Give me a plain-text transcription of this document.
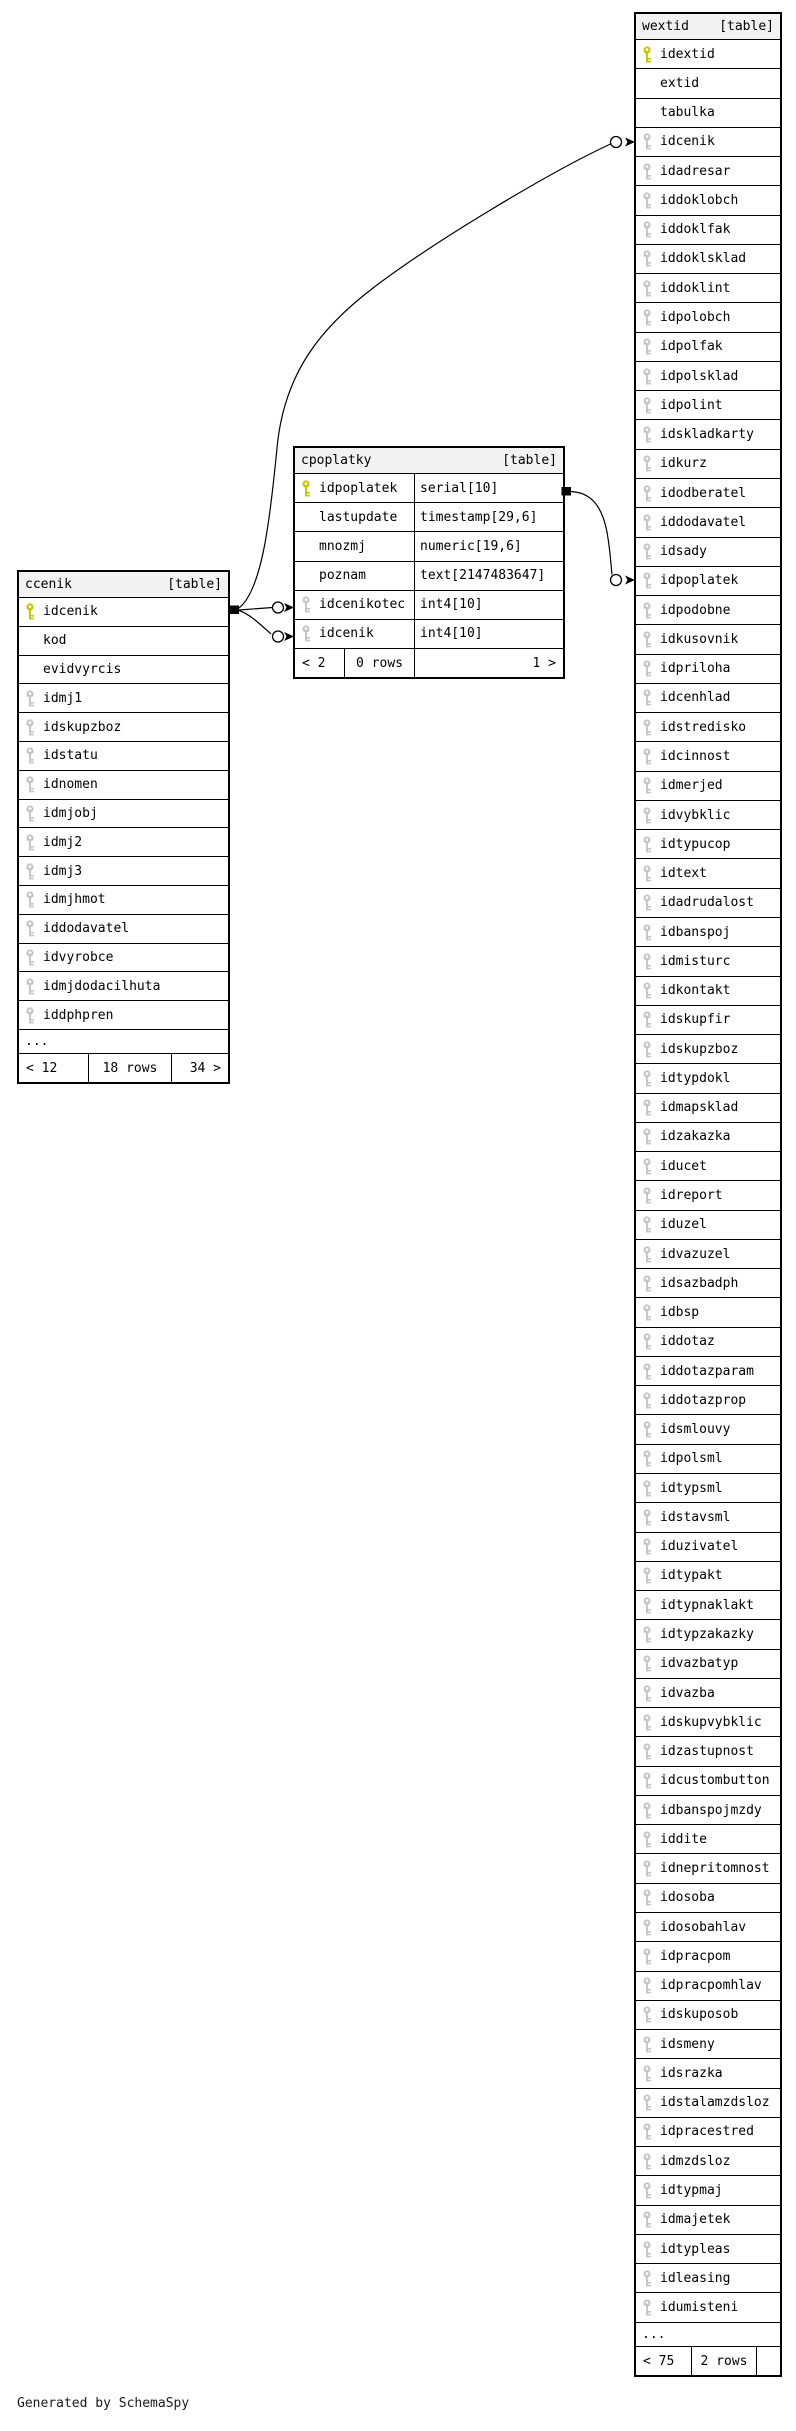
ccenik	[table]
idcenik
kod
evidvyrcis
idmj1
idskupzboz
idstatu
idnomen
idmjobj
idmj2
idmj3
idmjhmot
iddodavatel
idvyrobce
idmjdodacilhuta
iddphpren
...
< 12	18 rows	34 >
cpoplatky	[table]
idpoplatek	serial[10]
lastupdate	timestamp[29,6]
mnozmj	numeric[19,6]
poznam	text[2147483647]
idcenikotec	int4[10]
idcenik	int4[10]
< 2	0 rows	1 >
wextid [table]
idextid
extid
tabulka
idcenik
idadresar
iddoklobch
iddoklfak
iddoklsklad
iddoklint
idpolobch
idpolfak
idpolsklad
idpolint
idskladkarty
idkurz
idodberatel
iddodavatel
idsady
idpoplatek
idpodobne
idkusovnik
idpriloha
idcenhlad
idstredisko
idcinnost
idmerjed
idvybklic
idtypucop
idtext
idadrudalost
idbanspoj
idmisturc
idkontakt
idskupfir
idskupzboz
idtypdokl
idmapsklad
idzakazka
iducet
idreport
iduzel
idvazuzel
idsazbadph
idbsp
iddotaz
iddotazparam
iddotazprop
idsmlouvy
idpolsml
idtypsml
idstavsml
iduzivatel
idtypakt
idtypnaklakt
idtypzakazky
idvazbatyp
idvazba
idskupvybklic
idzastupnost
idcustombutton
idbanspojmzdy
iddite
idnepritomnost
idosoba
idosobahlav
idpracpom
idpracpomhlav
idskuposob
idsmeny
idsrazka
idstalamzdsloz
idpracestred
idmzdsloz
idtypmaj
idmajetek
idtypleas
idleasing
idumisteni
...
< 75	2 rows
Generated by SchemaSpy
